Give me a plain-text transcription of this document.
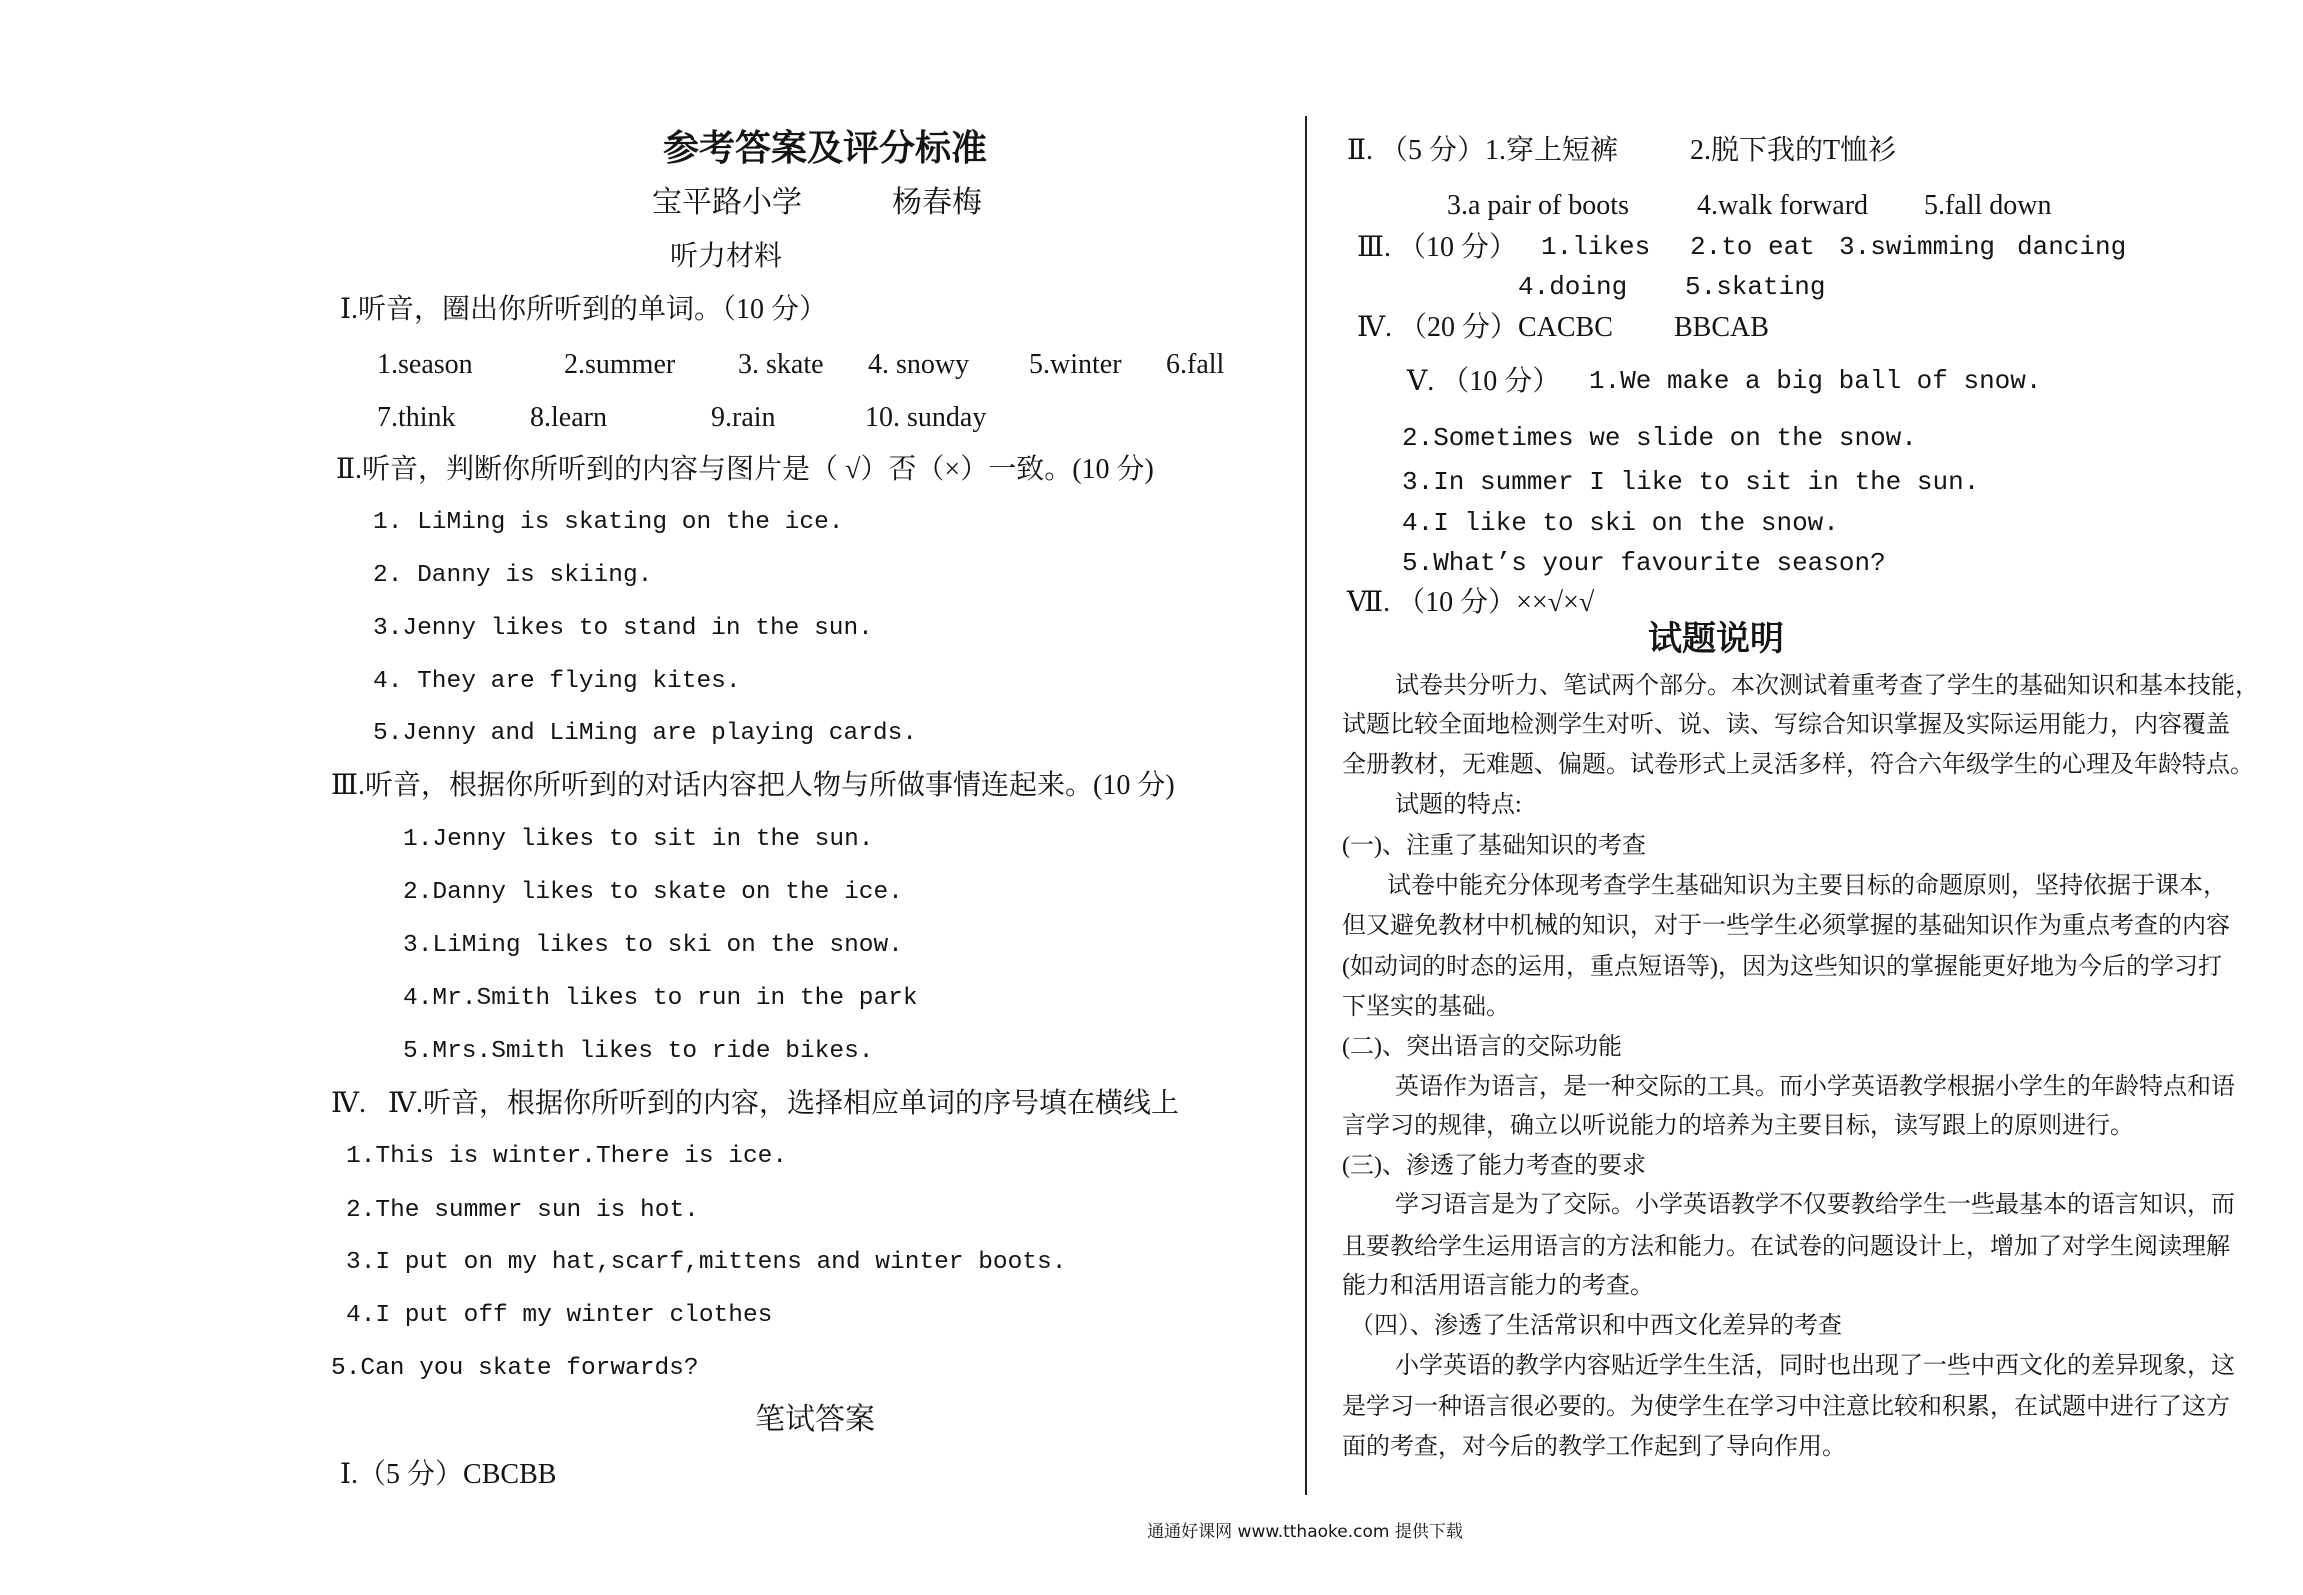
参考答案及评分标准
宝平路小学	杨春梅
听力材料
Ⅰ.听音，圈出你所听到的单词。（10 分）
1.season	2.summer 3. skate 4. snowy 5.winter 6.fall
7.think	8.learn	9.rain	10. sunday
Ⅱ.听音，判断你所听到的内容与图片是（ √）否（×）一致。(10 分)
1. LiMing is skating on the ice.
2. Danny is skiing.
3.Jenny likes to stand in the sun.
4. They are flying kites.
5.Jenny and LiMing are playing cards.
Ⅲ.听音，根据你所听到的对话内容把人物与所做事情连起来。(10 分)
1.Jenny likes to sit in the sun.
2.Danny likes to skate on the ice.
3.LiMing likes to ski on the snow.
4.Mr.Smith likes to run in the park
5.Mrs.Smith likes to ride bikes.
Ⅳ. Ⅳ.听音，根据你所听到的内容，选择相应单词的序号填在横线上
1.This is winter.There is ice.
2.The summer sun is hot.
3.I put on my hat,scarf,mittens and winter boots.
4.I put off my winter clothes
5.Can you skate forwards?
笔试答案
Ⅰ.（5 分）CBCBB
Ⅱ. （5 分）1.穿上短裤	2.脱下我的T恤衫
3.a pair of boots 4.walk forward 5.fall down
Ⅲ. （10 分） 1.likes 2.to eat 3.swimming dancing
4.doing 5.skating
Ⅳ. （20 分）CACBC BBCAB
Ⅴ. （10 分） 1.We make a big ball of snow.
2.Sometimes we slide on the snow.
3.In summer I like to sit in the sun.
4.I like to ski on the snow.
5.What’s your favourite season?
Ⅶ. （10 分）××√×√
试题说明
试卷共分听力、笔试两个部分。本次测试着重考查了学生的基础知识和基本技能，
试题比较全面地检测学生对听、说、读、写综合知识掌握及实际运用能力，内容覆盖
全册教材，无难题、偏题。试卷形式上灵活多样，符合六年级学生的心理及年龄特点。
试题的特点:
(一)、注重了基础知识的考查
试卷中能充分体现考查学生基础知识为主要目标的命题原则，坚持依据于课本，
但又避免教材中机械的知识，对于一些学生必须掌握的基础知识作为重点考查的内容
(如动词的时态的运用，重点短语等)，因为这些知识的掌握能更好地为今后的学习打
下坚实的基础。
(二)、突出语言的交际功能
英语作为语言，是一种交际的工具。而小学英语教学根据小学生的年龄特点和语
言学习的规律，确立以听说能力的培养为主要目标，读写跟上的原则进行。
(三)、渗透了能力考查的要求
学习语言是为了交际。小学英语教学不仅要教给学生一些最基本的语言知识，而
且要教给学生运用语言的方法和能力。在试卷的问题设计上，增加了对学生阅读理解
能力和活用语言能力的考查。
（四）、渗透了生活常识和中西文化差异的考查
小学英语的教学内容贴近学生生活，同时也出现了一些中西文化的差异现象，这
是学习一种语言很必要的。为使学生在学习中注意比较和积累，在试题中进行了这方
面的考查，对今后的教学工作起到了导向作用。
通通好课网 www.tthaoke.com 提供下载
